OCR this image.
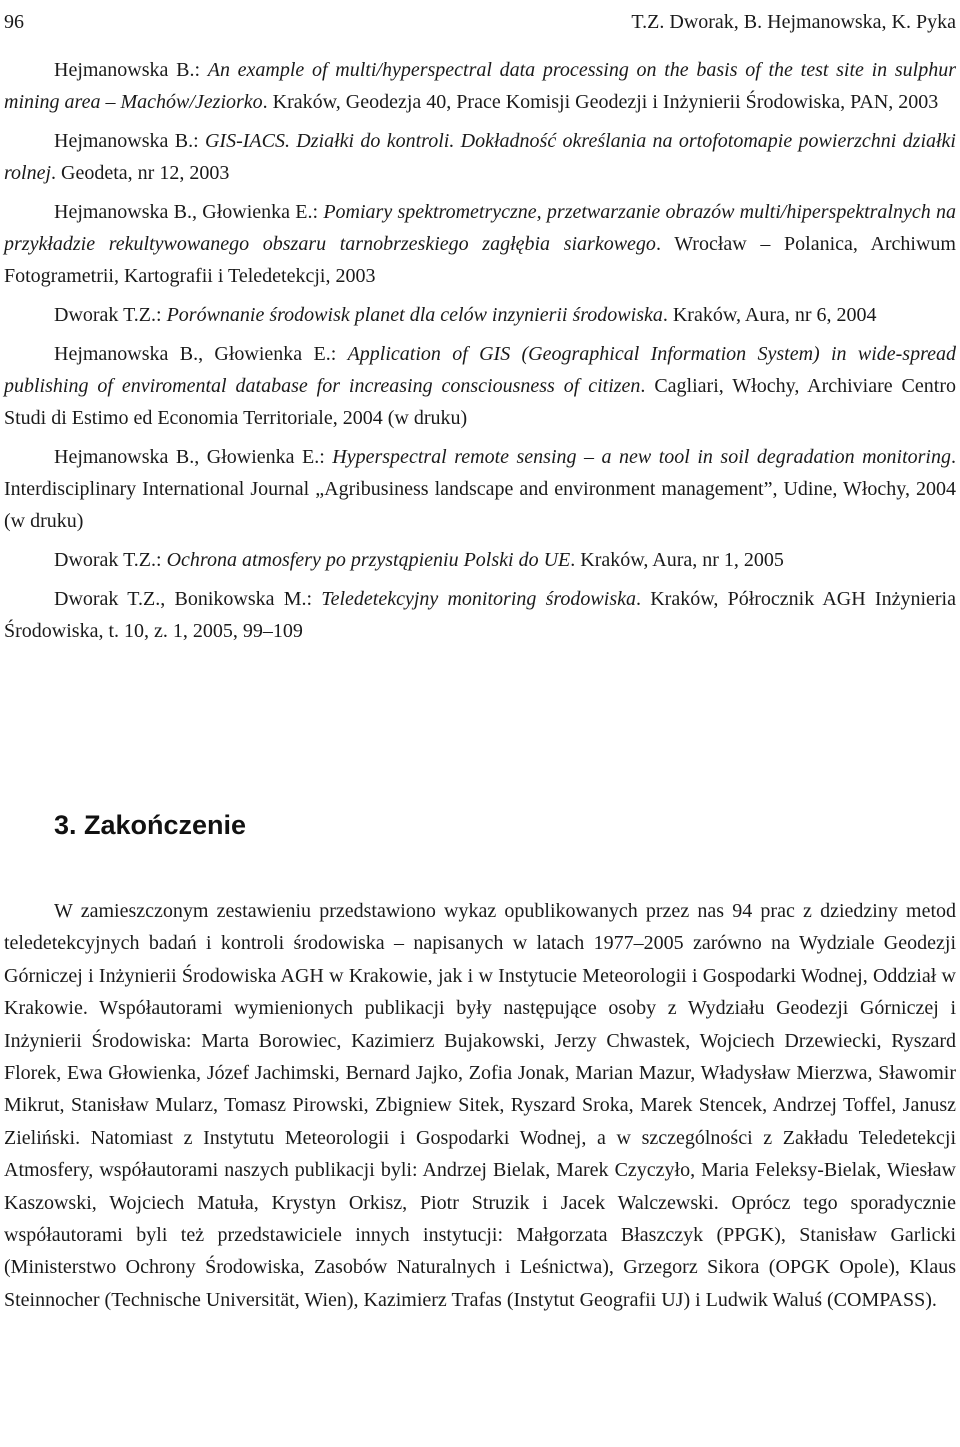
96	T.Z. Dworak, B. Hejmanowska, K. Pyka

Hejmanowska B.: An example of multi/hyperspectral data processing on the basis of the test site in sulphur mining area – Machów/Jeziorko. Kraków, Geodezja 40, Prace Komisji Geodezji i Inżynierii Środowiska, PAN, 2003

Hejmanowska B.: GIS-IACS. Działki do kontroli. Dokładność określania na ortofotomapie powierzchni działki rolnej. Geodeta, nr 12, 2003

Hejmanowska B., Głowienka E.: Pomiary spektrometryczne, przetwarzanie obrazów multi/hiperspektralnych na przykładzie rekultywowanego obszaru tarnobrzeskiego zagłębia siarkowego. Wrocław – Polanica, Archiwum Fotogrametrii, Kartografii i Teledetekcji, 2003

Dworak T.Z.: Porównanie środowisk planet dla celów inzynierii środowiska. Kraków, Aura, nr 6, 2004

Hejmanowska B., Głowienka E.: Application of GIS (Geographical Information System) in wide-spread publishing of enviromental database for increasing consciousness of citizen. Cagliari, Włochy, Archiviare Centro Studi di Estimo ed Economia Territoriale, 2004 (w druku)

Hejmanowska B., Głowienka E.: Hyperspectral remote sensing – a new tool in soil degradation monitoring. Interdisciplinary International Journal „Agribusiness landscape and environment management”, Udine, Włochy, 2004 (w druku)

Dworak T.Z.: Ochrona atmosfery po przystąpieniu Polski do UE. Kraków, Aura, nr 1, 2005

Dworak T.Z., Bonikowska M.: Teledetekcyjny monitoring środowiska. Kraków, Półrocznik AGH Inżynieria Środowiska, t. 10, z. 1, 2005, 99–109

3. Zakończenie

W zamieszczonym zestawieniu przedstawiono wykaz opublikowanych przez nas 94 prac z dziedziny metod teledetekcyjnych badań i kontroli środowiska – napisanych w latach 1977–2005 zarówno na Wydziale Geodezji Górniczej i Inżynierii Środowiska AGH w Krakowie, jak i w Instytucie Meteorologii i Gospodarki Wodnej, Oddział w Krakowie. Współautorami wymienionych publikacji były następujące osoby z Wydziału Geodezji Górniczej i Inżynierii Środowiska: Marta Borowiec, Kazimierz Bujakowski, Jerzy Chwastek, Wojciech Drzewiecki, Ryszard Florek, Ewa Głowienka, Józef Jachimski, Bernard Jajko, Zofia Jonak, Marian Mazur, Władysław Mierzwa, Sławomir Mikrut, Stanisław Mularz, Tomasz Pirowski, Zbigniew Sitek, Ryszard Sroka, Marek Stencek, Andrzej Toffel, Janusz Zieliński. Natomiast z Instytutu Meteorologii i Gospodarki Wodnej, a w szczególności z Zakładu Teledetekcji Atmosfery, współautorami naszych publikacji byli: Andrzej Bielak, Marek Czyczyło, Maria Feleksy-Bielak, Wiesław Kaszowski, Wojciech Matuła, Krystyn Orkisz, Piotr Struzik i Jacek Walczewski. Oprócz tego sporadycznie współautorami byli też przedstawiciele innych instytucji: Małgorzata Błaszczyk (PPGK), Stanisław Garlicki (Ministerstwo Ochrony Środowiska, Zasobów Naturalnych i Leśnictwa), Grzegorz Sikora (OPGK Opole), Klaus Steinnocher (Technische Universität, Wien), Kazimierz Trafas (Instytut Geografii UJ) i Ludwik Waluś (COMPASS).
